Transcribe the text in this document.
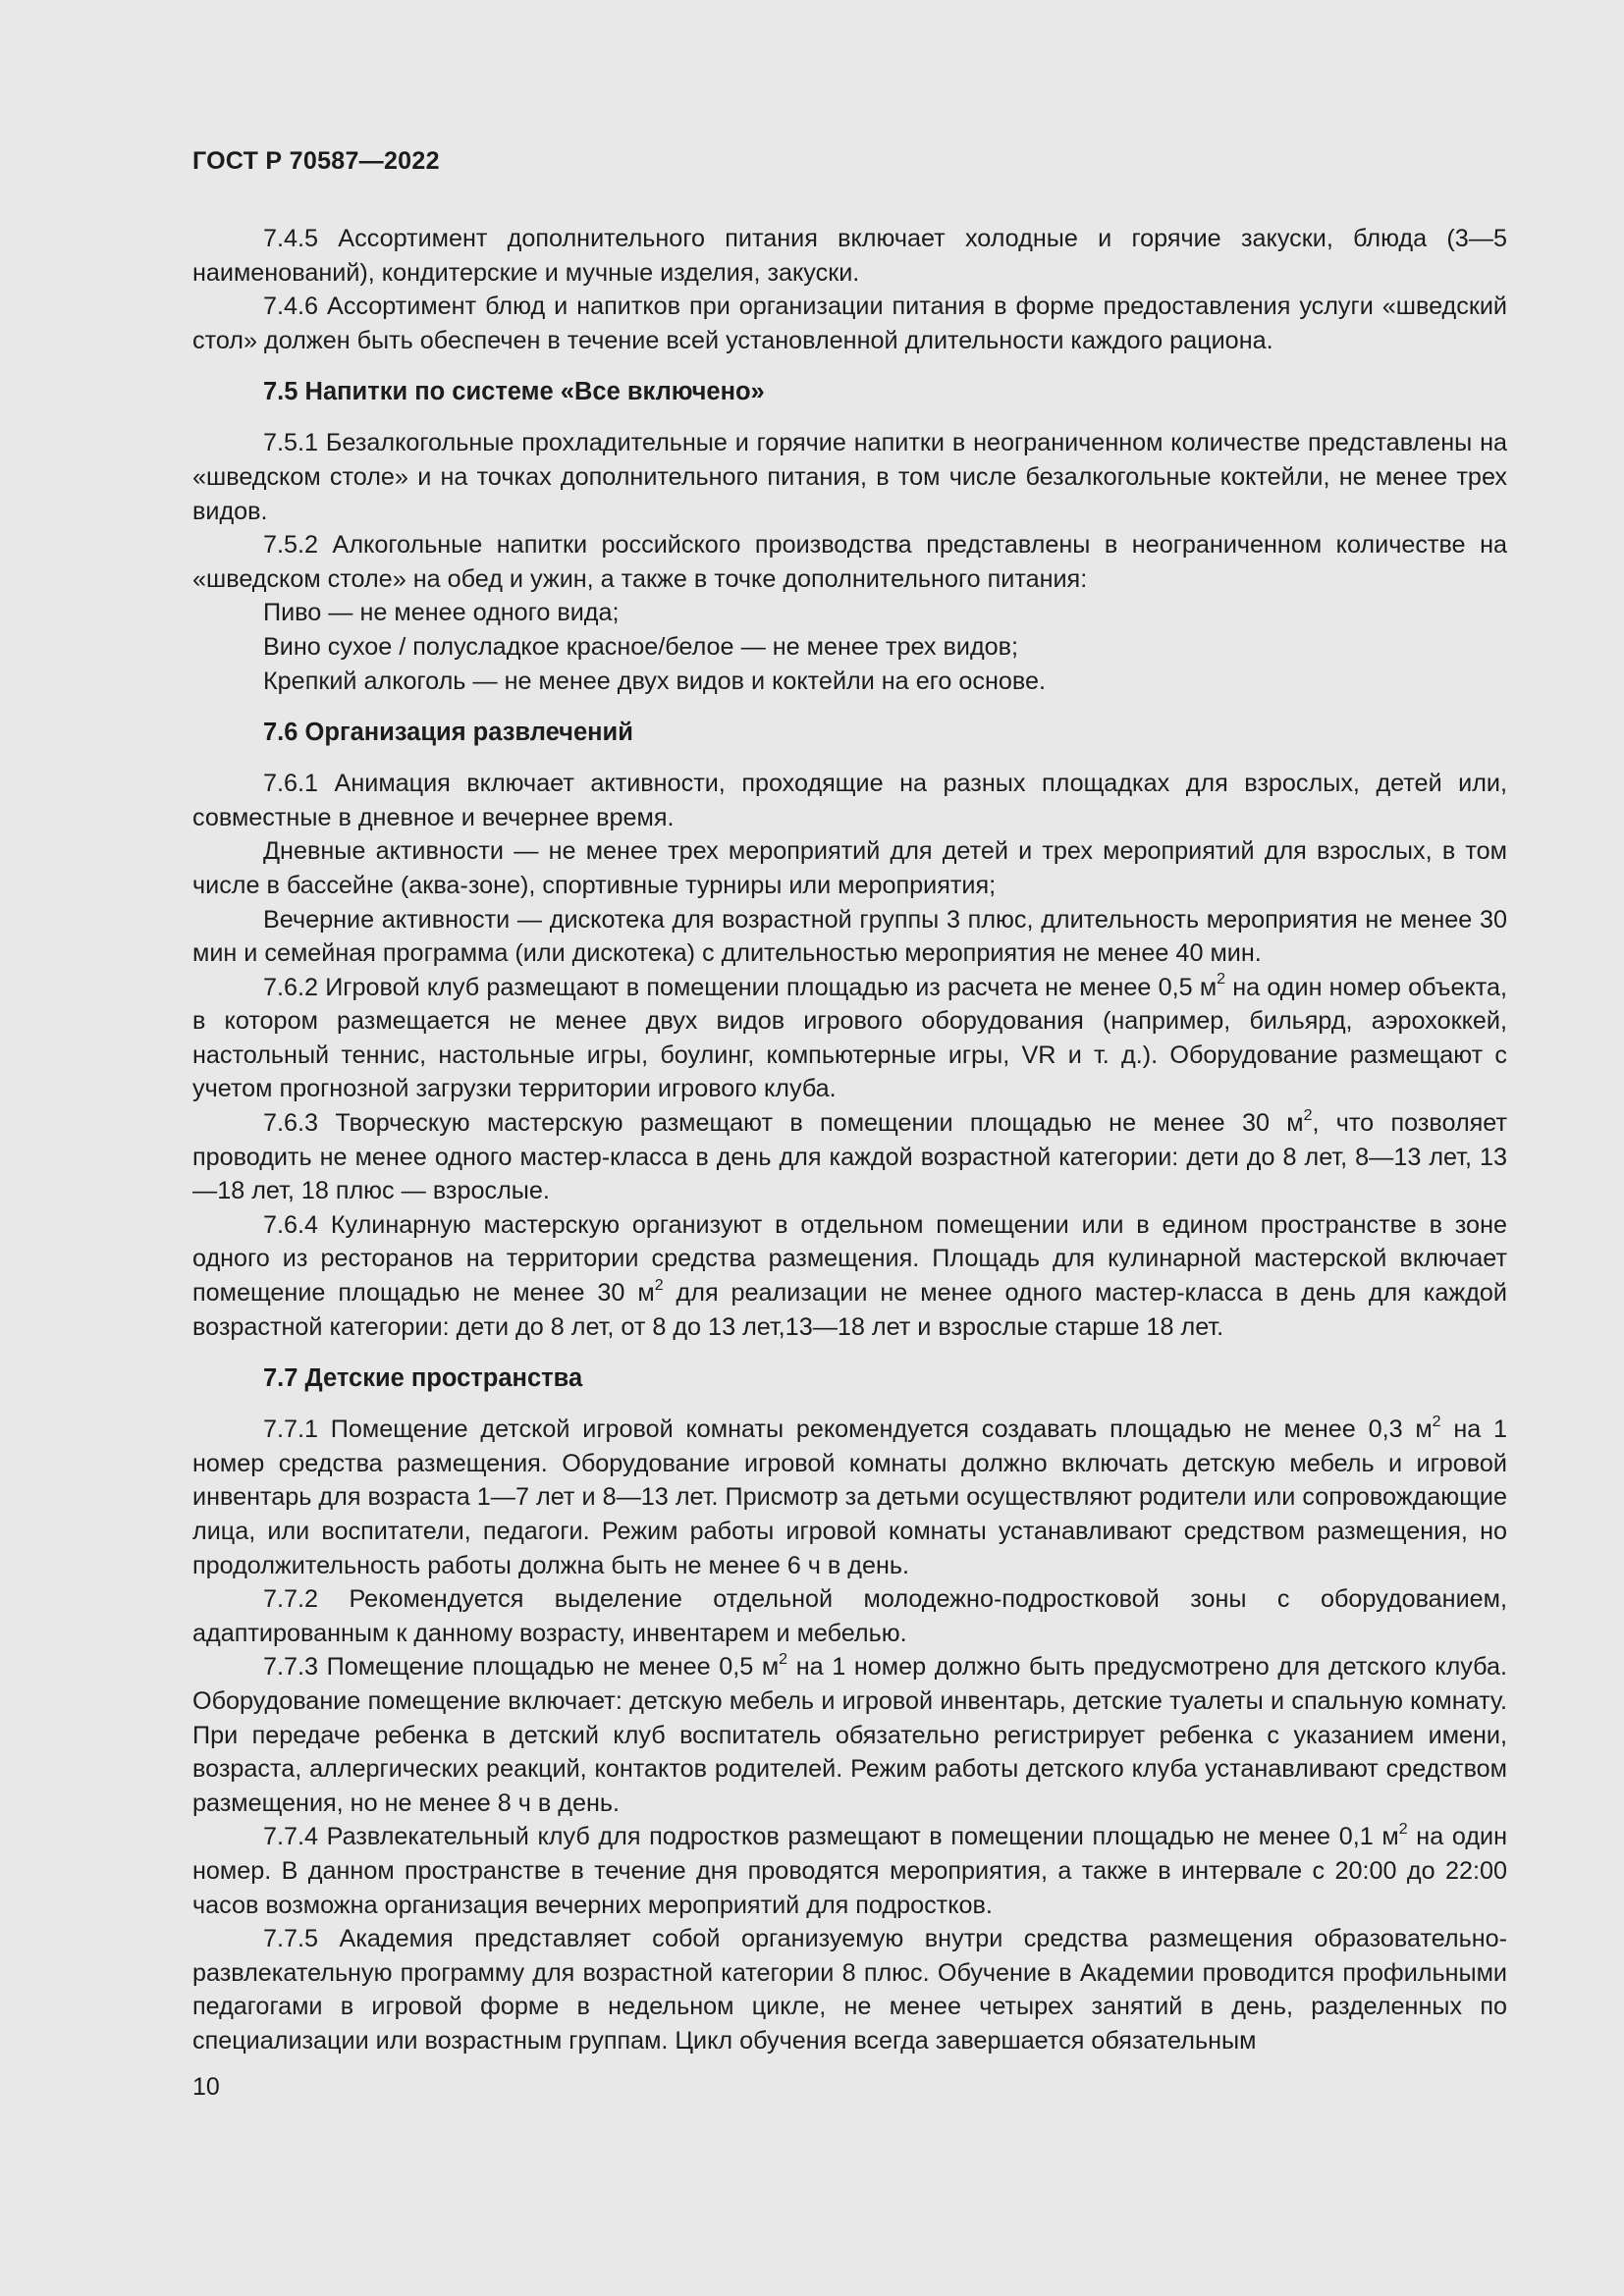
ГОСТ Р 70587—2022

7.4.5 Ассортимент дополнительного питания включает холодные и горячие закуски, блюда (3—5 наименований), кондитерские и мучные изделия, закуски.

7.4.6 Ассортимент блюд и напитков при организации питания в форме предоставления услуги «шведский стол» должен быть обеспечен в течение всей установленной длительности каждого рациона.

7.5 Напитки по системе «Все включено»

7.5.1 Безалкогольные прохладительные и горячие напитки в неограниченном количестве представлены на «шведском столе» и на точках дополнительного питания, в том числе безалкогольные коктейли, не менее трех видов.

7.5.2 Алкогольные напитки российского производства представлены в неограниченном количестве на «шведском столе» на обед и ужин, а также в точке дополнительного питания:

Пиво — не менее одного вида;

Вино сухое / полусладкое красное/белое — не менее трех видов;

Крепкий алкоголь — не менее двух видов и коктейли на его основе.

7.6 Организация развлечений

7.6.1 Анимация включает активности, проходящие на разных площадках для взрослых, детей или, совместные в дневное и вечернее время.

Дневные активности — не менее трех мероприятий для детей и трех мероприятий для взрослых, в том числе в бассейне (аква-зоне), спортивные турниры или мероприятия;

Вечерние активности — дискотека для возрастной группы 3 плюс, длительность мероприятия не менее 30 мин и семейная программа (или дискотека) с длительностью мероприятия не менее 40 мин.

7.6.2 Игровой клуб размещают в помещении площадью из расчета не менее 0,5 $м^2$ на один номер объекта, в котором размещается не менее двух видов игрового оборудования (например, бильярд, аэрохоккей, настольный теннис, настольные игры, боулинг, компьютерные игры, VR и т. д.). Оборудование размещают с учетом прогнозной загрузки территории игрового клуба.

7.6.3 Творческую мастерскую размещают в помещении площадью не менее 30 $м^2$, что позволяет проводить не менее одного мастер-класса в день для каждой возрастной категории: дети до 8 лет, 8—13 лет, 13—18 лет, 18 плюс — взрослые.

7.6.4 Кулинарную мастерскую организуют в отдельном помещении или в едином пространстве в зоне одного из ресторанов на территории средства размещения. Площадь для кулинарной мастерской включает помещение площадью не менее 30 $м^2$ для реализации не менее одного мастер-класса в день для каждой возрастной категории: дети до 8 лет, от 8 до 13 лет,13—18 лет и взрослые старше 18 лет.

7.7 Детские пространства

7.7.1 Помещение детской игровой комнаты рекомендуется создавать площадью не менее 0,3 $м^2$ на 1 номер средства размещения. Оборудование игровой комнаты должно включать детскую мебель и игровой инвентарь для возраста 1—7 лет и 8—13 лет. Присмотр за детьми осуществляют родители или сопровождающие лица, или воспитатели, педагоги. Режим работы игровой комнаты устанавливают средством размещения, но продолжительность работы должна быть не менее 6 ч в день.

7.7.2 Рекомендуется выделение отдельной молодежно-подростковой зоны с оборудованием, адаптированным к данному возрасту, инвентарем и мебелью.

7.7.3 Помещение площадью не менее 0,5 $м^2$ на 1 номер должно быть предусмотрено для детского клуба. Оборудование помещение включает: детскую мебель и игровой инвентарь, детские туалеты и спальную комнату. При передаче ребенка в детский клуб воспитатель обязательно регистрирует ребенка с указанием имени, возраста, аллергических реакций, контактов родителей. Режим работы детского клуба устанавливают средством размещения, но не менее 8 ч в день.

7.7.4 Развлекательный клуб для подростков размещают в помещении площадью не менее 0,1 $м^2$ на один номер. В данном пространстве в течение дня проводятся мероприятия, а также в интервале с 20:00 до 22:00 часов возможна организация вечерних мероприятий для подростков.

7.7.5 Академия представляет собой организуемую внутри средства размещения образовательно-развлекательную программу для возрастной категории 8 плюс. Обучение в Академии проводится профильными педагогами в игровой форме в недельном цикле, не менее четырех занятий в день, разделенных по специализации или возрастным группам. Цикл обучения всегда завершается обязательным

10
